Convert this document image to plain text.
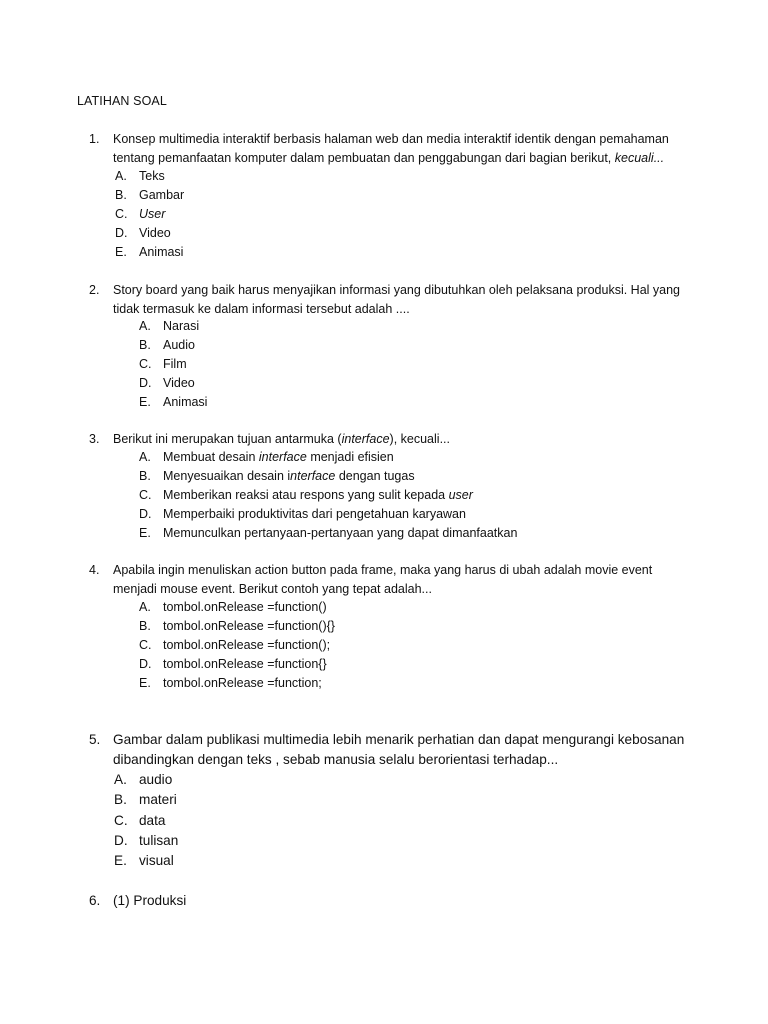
LATIHAN SOAL
1. Konsep multimedia interaktif berbasis halaman web dan media interaktif identik dengan pemahaman
tentang pemanfaatan komputer dalam pembuatan dan penggabungan dari bagian berikut, kecuali...
A. Teks
B. Gambar
C. User
D. Video
E. Animasi
2. Story board yang baik harus menyajikan informasi yang dibutuhkan oleh pelaksana produksi. Hal yang
tidak termasuk ke dalam informasi tersebut adalah ....
A. Narasi
B. Audio
C. Film
D. Video
E. Animasi
3. Berikut ini merupakan tujuan antarmuka (interface), kecuali...
A. Membuat desain interface menjadi efisien
B. Menyesuaikan desain interface dengan tugas
C. Memberikan reaksi atau respons yang sulit kepada user
D. Memperbaiki produktivitas dari pengetahuan karyawan
E. Memunculkan pertanyaan-pertanyaan yang dapat dimanfaatkan
4. Apabila ingin menuliskan action button pada frame, maka yang harus di ubah adalah movie event
menjadi mouse event. Berikut contoh yang tepat adalah...
A. tombol.onRelease =function()
B. tombol.onRelease =function(){}
C. tombol.onRelease =function();
D. tombol.onRelease =function{}
E. tombol.onRelease =function;
5. Gambar dalam publikasi multimedia lebih menarik perhatian dan dapat mengurangi kebosanan
dibandingkan dengan teks , sebab manusia selalu berorientasi terhadap...
A. audio
B. materi
C. data
D. tulisan
E. visual
6. (1) Produksi
